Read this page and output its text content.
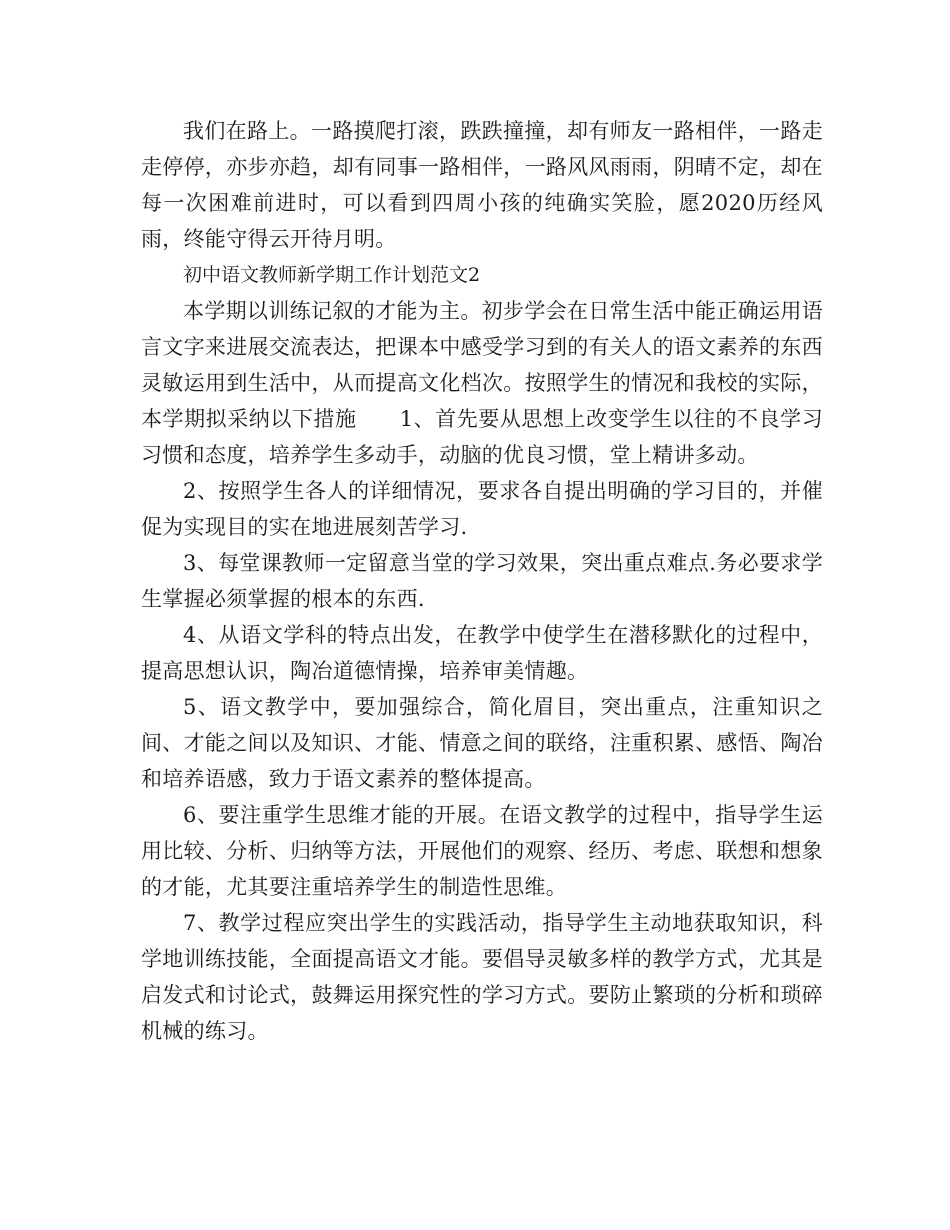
我们在路上。一路摸爬打滚，跌跌撞撞，却有师友一路相伴，一路走走停停，亦步亦趋，却有同事一路相伴，一路风风雨雨，阴晴不定，却在每一次困难前进时，可以看到四周小孩的纯确实笑脸，愿2020历经风雨，终能守得云开待月明。

初中语文教师新学期工作计划范文2

本学期以训练记叙的才能为主。初步学会在日常生活中能正确运用语言文字来进展交流表达，把课本中感受学习到的有关人的语文素养的东西灵敏运用到生活中，从而提高文化档次。按照学生的情况和我校的实际，本学期拟采纳以下措施　　1、首先要从思想上改变学生以往的不良学习习惯和态度，培养学生多动手，动脑的优良习惯，堂上精讲多动。

2、按照学生各人的详细情况，要求各自提出明确的学习目的，并催促为实现目的实在地进展刻苦学习.

3、每堂课教师一定留意当堂的学习效果，突出重点难点.务必要求学生掌握必须掌握的根本的东西.

4、从语文学科的特点出发，在教学中使学生在潜移默化的过程中，提高思想认识，陶冶道德情操，培养审美情趣。

5、语文教学中，要加强综合，简化眉目，突出重点，注重知识之间、才能之间以及知识、才能、情意之间的联络，注重积累、感悟、陶冶和培养语感，致力于语文素养的整体提高。

6、要注重学生思维才能的开展。在语文教学的过程中，指导学生运用比较、分析、归纳等方法，开展他们的观察、经历、考虑、联想和想象的才能，尤其要注重培养学生的制造性思维。

7、教学过程应突出学生的实践活动，指导学生主动地获取知识，科学地训练技能，全面提高语文才能。要倡导灵敏多样的教学方式，尤其是启发式和讨论式，鼓舞运用探究性的学习方式。要防止繁琐的分析和琐碎机械的练习。
